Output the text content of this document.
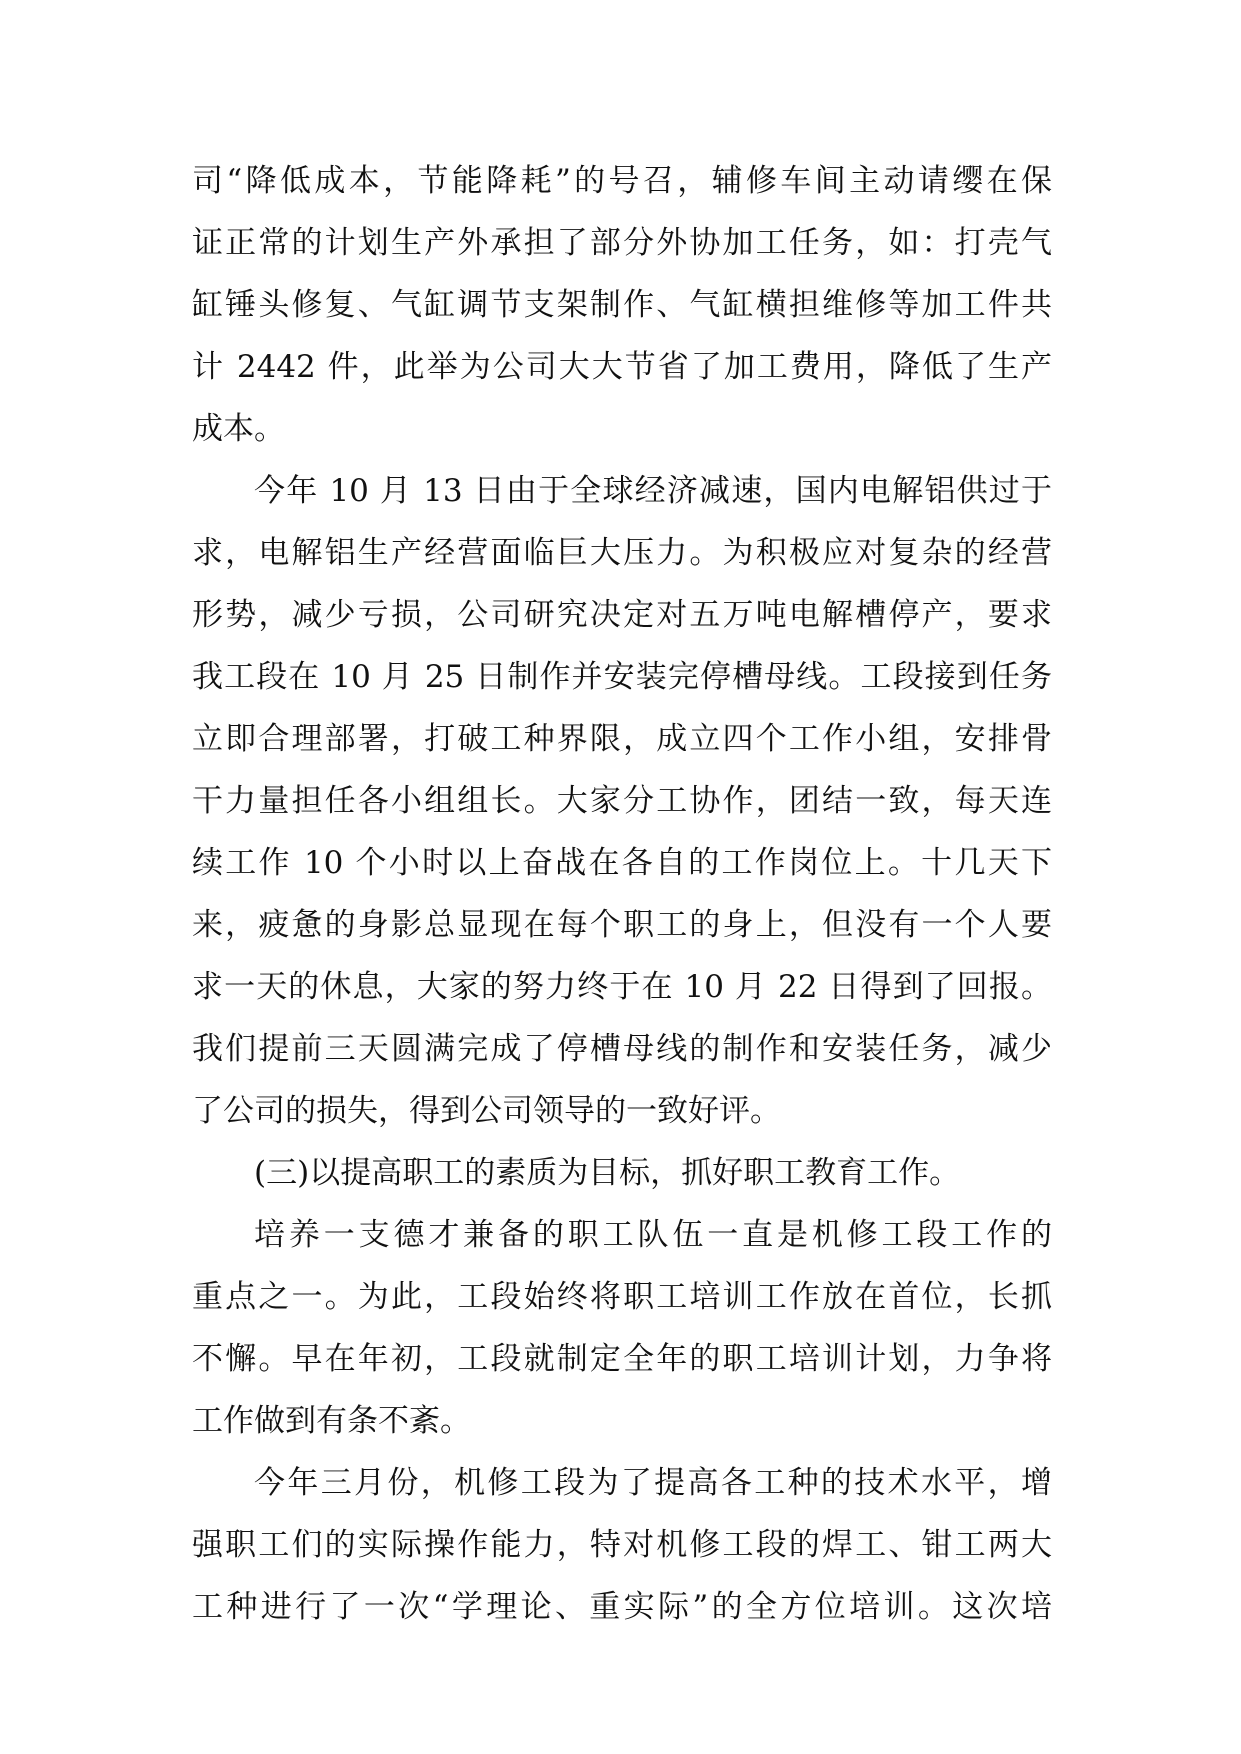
司“降低成本，节能降耗”的号召，辅修车间主动请缨在保
证正常的计划生产外承担了部分外协加工任务，如：打壳气
缸锤头修复、气缸调节支架制作、气缸横担维修等加工件共
计 2442 件，此举为公司大大节省了加工费用，降低了生产
成本。
今年 10 月 13 日由于全球经济减速，国内电解铝供过于
求，电解铝生产经营面临巨大压力。为积极应对复杂的经营
形势，减少亏损，公司研究决定对五万吨电解槽停产，要求
我工段在 10 月 25 日制作并安装完停槽母线。工段接到任务
立即合理部署，打破工种界限，成立四个工作小组，安排骨
干力量担任各小组组长。大家分工协作，团结一致，每天连
续工作 10 个小时以上奋战在各自的工作岗位上。十几天下
来，疲惫的身影总显现在每个职工的身上，但没有一个人要
求一天的休息，大家的努力终于在 10 月 22 日得到了回报。
我们提前三天圆满完成了停槽母线的制作和安装任务，减少
了公司的损失，得到公司领导的一致好评。
(三)以提高职工的素质为目标，抓好职工教育工作。
培养一支德才兼备的职工队伍一直是机修工段工作的
重点之一。为此，工段始终将职工培训工作放在首位，长抓
不懈。早在年初，工段就制定全年的职工培训计划，力争将
工作做到有条不紊。
今年三月份，机修工段为了提高各工种的技术水平，增
强职工们的实际操作能力，特对机修工段的焊工、钳工两大
工种进行了一次“学理论、重实际”的全方位培训。这次培
